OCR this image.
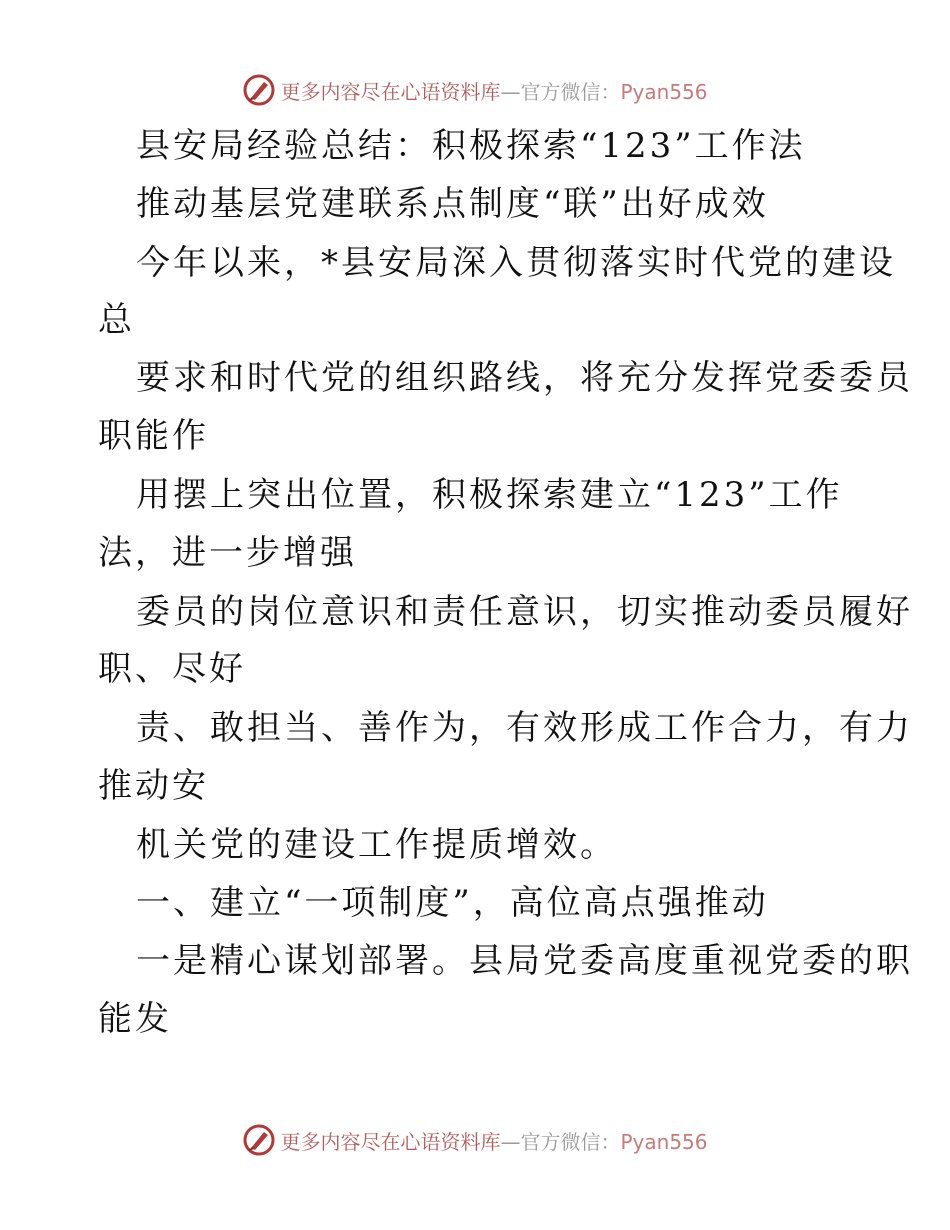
更多内容尽在心语资料库—官方微信：Pyan556
县安局经验总结：积极探索“123”工作法
推动基层党建联系点制度“联”出好成效
今年以来，*县安局深入贯彻落实时代党的建设
总
要求和时代党的组织路线，将充分发挥党委委员
职能作
用摆上突出位置，积极探索建立“123”工作
法，进一步增强
委员的岗位意识和责任意识，切实推动委员履好
职、尽好
责、敢担当、善作为，有效形成工作合力，有力
推动安
机关党的建设工作提质增效。
一、建立“一项制度”，高位高点强推动
一是精心谋划部署。县局党委高度重视党委的职
能发
更多内容尽在心语资料库—官方微信：Pyan556
